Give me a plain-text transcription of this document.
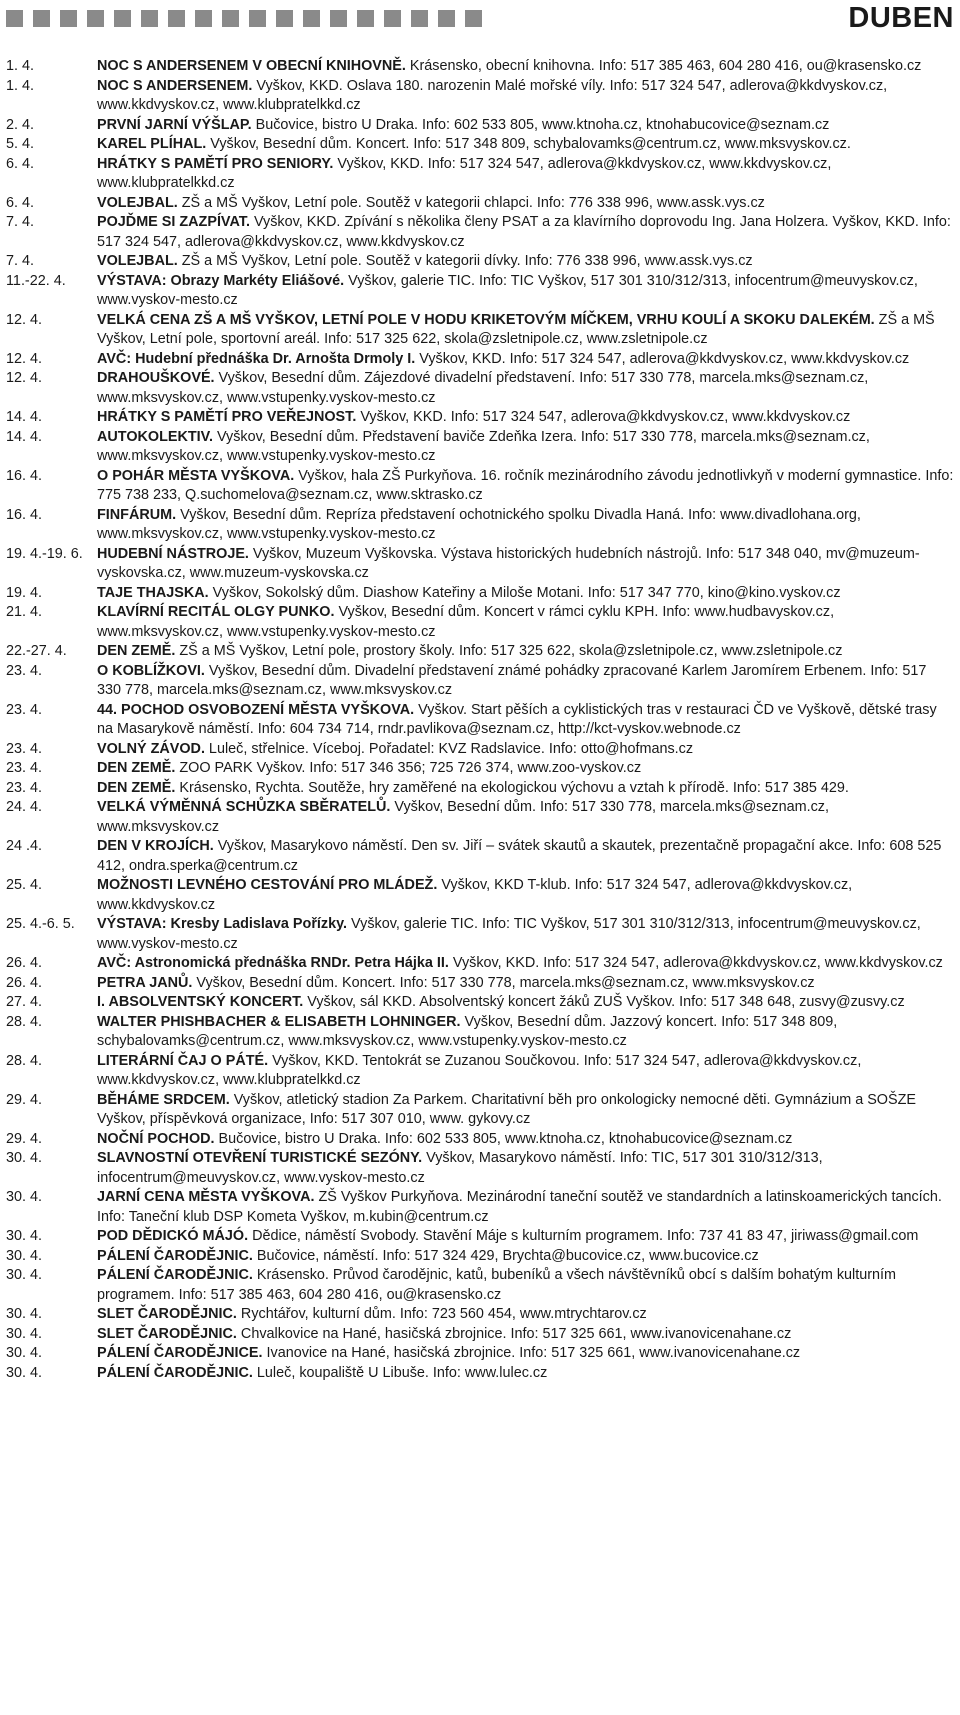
DUBEN
1. 4.	NOC S ANDERSENEM V OBECNÍ KNIHOVNĚ. Krásensko, obecní knihovna. Info: 517 385 463, 604 280 416, ou@krasensko.cz
1. 4.	NOC S ANDERSENEM. Vyškov, KKD. Oslava 180. narozenin Malé mořské víly. Info: 517 324 547, adlerova@kkdvyskov.cz, www.kkdvyskov.cz, www.klubpratelkkd.cz
2. 4.	PRVNÍ JARNÍ VÝŠLAP. Bučovice, bistro U Draka. Info: 602 533 805, www.ktnoha.cz, ktnohabucovice@seznam.cz
5. 4.	KAREL PLÍHAL. Vyškov, Besední dům. Koncert. Info: 517 348 809, schybalovamks@centrum.cz, www.mksvyskov.cz.
6. 4.	HRÁTKY S PAMĚTÍ PRO SENIORY. Vyškov, KKD. Info: 517 324 547, adlerova@kkdvyskov.cz, www.kkdvyskov.cz, www.klubpratelkkd.cz
6. 4.	VOLEJBAL. ZŠ a MŠ Vyškov, Letní pole. Soutěž v kategorii chlapci. Info: 776 338 996, www.assk.vys.cz
7. 4.	POJĎME SI ZAZPÍVAT. Vyškov, KKD. Zpívání s několika členy PSAT a za klavírního doprovodu Ing. Jana Holzera. Vyškov, KKD. Info: 517 324 547, adlerova@kkdvyskov.cz, www.kkdvyskov.cz
7. 4.	VOLEJBAL. ZŠ a MŠ Vyškov, Letní pole. Soutěž v kategorii dívky. Info: 776 338 996, www.assk.vys.cz
11.-22. 4.	VÝSTAVA: Obrazy Markéty Eliášové. Vyškov, galerie TIC. Info: TIC Vyškov, 517 301 310/312/313, infocentrum@meuvyskov.cz, www.vyskov-mesto.cz
12. 4.	VELKÁ CENA ZŠ A MŠ VYŠKOV, LETNÍ POLE V HODU KRIKETOVÝM MÍČKEM, VRHU KOULÍ A SKOKU DALEKÉM. ZŠ a MŠ Vyškov, Letní pole, sportovní areál. Info: 517 325 622, skola@zsletnipole.cz, www.zsletnipole.cz
12. 4.	AVČ: Hudební přednáška Dr. Arnošta Drmoly I. Vyškov, KKD. Info: 517 324 547, adlerova@kkdvyskov.cz, www.kkdvyskov.cz
12. 4.	DRAHOUŠKOVÉ. Vyškov, Besední dům. Zájezdové divadelní představení. Info: 517 330 778, marcela.mks@seznam.cz, www.mksvyskov.cz, www.vstupenky.vyskov-mesto.cz
14. 4.	HRÁTKY S PAMĚTÍ PRO VEŘEJNOST. Vyškov, KKD. Info: 517 324 547, adlerova@kkdvyskov.cz, www.kkdvyskov.cz
14. 4.	AUTOKOLEKTIV. Vyškov, Besední dům. Představení baviče Zdeňka Izera. Info: 517 330 778, marcela.mks@seznam.cz, www.mksvyskov.cz, www.vstupenky.vyskov-mesto.cz
16. 4.	O POHÁR MĚSTA VYŠKOVA. Vyškov, hala ZŠ Purkyňova. 16. ročník mezinárodního závodu jednotlivkyň v moderní gymnastice. Info: 775 738 233, Q.suchomelova@seznam.cz, www.sktrasko.cz
16. 4.	FINFÁRUM. Vyškov, Besední dům. Repríza představení ochotnického spolku Divadla Haná. Info: www.divadlohana.org, www.mksvyskov.cz, www.vstupenky.vyskov-mesto.cz
19. 4.-19. 6. HUDEBNÍ NÁSTROJE. Vyškov, Muzeum Vyškovska. Výstava historických hudebních nástrojů. Info: 517 348 040, mv@muzeum-vyskovska.cz, www.muzeum-vyskovska.cz
19. 4.	TAJE THAJSKA. Vyškov, Sokolský dům. Diashow Kateřiny a Miloše Motani. Info: 517 347 770, kino@kino.vyskov.cz
21. 4.	KLAVÍRNÍ RECITÁL OLGY PUNKO. Vyškov, Besední dům. Koncert v rámci cyklu KPH. Info: www.hudbavyskov.cz, www.mksvyskov.cz, www.vstupenky.vyskov-mesto.cz
22.-27. 4.	DEN ZEMĚ. ZŠ a MŠ Vyškov, Letní pole, prostory školy. Info: 517 325 622, skola@zsletnipole.cz, www.zsletnipole.cz
23. 4.	O KOBLÍŽKOVI. Vyškov, Besední dům. Divadelní představení známé pohádky zpracované Karlem Jaromírem Erbenem. Info: 517 330 778, marcela.mks@seznam.cz, www.mksvyskov.cz
23. 4.	44. POCHOD OSVOBOZENÍ MĚSTA VYŠKOVA. Vyškov. Start pěších a cyklistických tras v restauraci ČD ve Vyškově, dětské trasy na Masarykově náměstí. Info: 604 734 714, rndr.pavlikova@seznam.cz, http://kct-vyskov.webnode.cz
23. 4.	VOLNÝ ZÁVOD. Luleč, střelnice. Víceboj. Pořadatel: KVZ Radslavice. Info: otto@hofmans.cz
23. 4.	DEN ZEMĚ. ZOO PARK Vyškov. Info: 517 346 356; 725 726 374, www.zoo-vyskov.cz
23. 4.	DEN ZEMĚ. Krásensko, Rychta. Soutěže, hry zaměřené na ekologickou výchovu a vztah k přírodě. Info: 517 385 429.
24. 4.	VELKÁ VÝMĚNNÁ SCHŮZKA SBĚRATELŮ. Vyškov, Besední dům. Info: 517 330 778, marcela.mks@seznam.cz, www.mksvyskov.cz
24 .4.	DEN V KROJÍCH. Vyškov, Masarykovo náměstí. Den sv. Jiří – svátek skautů a skautek, prezentačně propagační akce. Info: 608 525 412, ondra.sperka@centrum.cz
25. 4.	MOŽNOSTI LEVNÉHO CESTOVÁNÍ PRO MLÁDEŽ. Vyškov, KKD T-klub. Info: 517 324 547, adlerova@kkdvyskov.cz, www.kkdvyskov.cz
25. 4.-6. 5.	VÝSTAVA: Kresby Ladislava Pořízky. Vyškov, galerie TIC. Info: TIC Vyškov, 517 301 310/312/313, infocentrum@meuvyskov.cz, www.vyskov-mesto.cz
26. 4.	AVČ: Astronomická přednáška RNDr. Petra Hájka II. Vyškov, KKD. Info: 517 324 547, adlerova@kkdvyskov.cz, www.kkdvyskov.cz
26. 4.	PETRA JANŮ. Vyškov, Besední dům. Koncert. Info: 517 330 778, marcela.mks@seznam.cz, www.mksvyskov.cz
27. 4.	I. ABSOLVENTSKÝ KONCERT. Vyškov, sál KKD. Absolventský koncert žáků ZUŠ Vyškov. Info: 517 348 648, zusvy@zusvy.cz
28. 4.	WALTER PHISHBACHER & ELISABETH LOHNINGER. Vyškov, Besední dům. Jazzový koncert. Info: 517 348 809, schybalovamks@centrum.cz, www.mksvyskov.cz, www.vstupenky.vyskov-mesto.cz
28. 4.	LITERÁRNÍ ČAJ O PÁTÉ. Vyškov, KKD. Tentokrát se Zuzanou Součkovou. Info: 517 324 547, adlerova@kkdvyskov.cz, www.kkdvyskov.cz, www.klubpratelkkd.cz
29. 4.	BĚHÁME SRDCEM. Vyškov, atletický stadion Za Parkem. Charitativní běh pro onkologicky nemocné děti. Gymnázium a SOŠZE Vyškov, příspěvková organizace, Info: 517 307 010, www. gykovy.cz
29. 4.	NOČNÍ POCHOD. Bučovice, bistro U Draka. Info: 602 533 805, www.ktnoha.cz, ktnohabucovice@seznam.cz
30. 4.	SLAVNOSTNÍ OTEVŘENÍ TURISTICKÉ SEZÓNY. Vyškov, Masarykovo náměstí. Info: TIC, 517 301 310/312/313, infocentrum@meuvyskov.cz, www.vyskov-mesto.cz
30. 4.	JARNÍ CENA MĚSTA VYŠKOVA. ZŠ Vyškov Purkyňova. Mezinárodní taneční soutěž ve standardních a latinskoamerických tancích. Info: Taneční klub DSP Kometa Vyškov, m.kubin@centrum.cz
30. 4.	POD DĚDICKÓ MÁJÓ. Dědice, náměstí Svobody. Stavění Máje s kulturním programem. Info: 737 41 83 47, jiriwass@gmail.com
30. 4.	PÁLENÍ ČARODĚJNIC. Bučovice, náměstí. Info: 517 324 429, Brychta@bucovice.cz, www.bucovice.cz
30. 4.	PÁLENÍ ČARODĚJNIC. Krásensko. Průvod čarodějnic, katů, bubeníků a všech návštěvníků obcí s dalším bohatým kulturním programem. Info: 517 385 463, 604 280 416, ou@krasensko.cz
30. 4.	SLET ČARODĚJNIC. Rychtářov, kulturní dům. Info: 723 560 454, www.mtrychtarov.cz
30. 4.	SLET ČARODĚJNIC. Chvalkovice na Hané, hasičská zbrojnice. Info: 517 325 661, www.ivanovicenahane.cz
30. 4.	PÁLENÍ ČARODĚJNICE. Ivanovice na Hané, hasičská zbrojnice. Info: 517 325 661, www.ivanovicenahane.cz
30. 4.	PÁLENÍ ČARODĚJNIC. Luleč, koupaliště U Libuše. Info: www.lulec.cz
